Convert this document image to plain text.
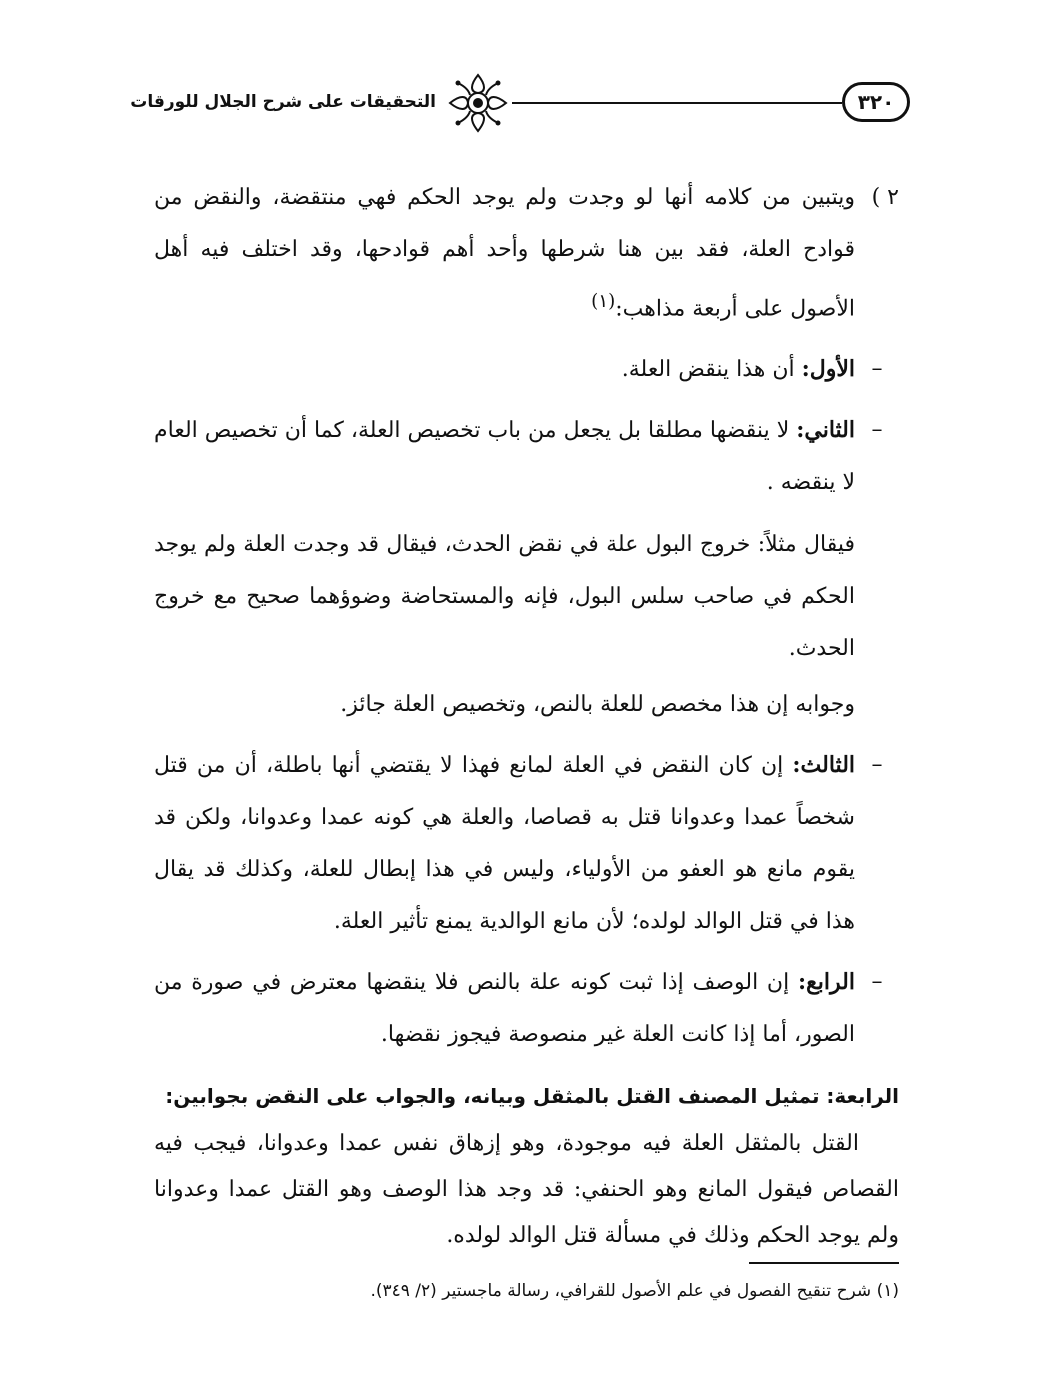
٣٢٠
التحقيقات على شرح الجلال للورقات
٢ )
ويتبين من كلامه أنها لو وجدت ولم يوجد الحكم فهي منتقضة، والنقض من قوادح العلة، فقد بين هنا شرطها وأحد أهم قوادحها، وقد اختلف فيه أهل الأصول على أربعة مذاهب:$^{(١)}$
–
الأول: أن هذا ينقض العلة.
–
الثاني: لا ينقضها مطلقا بل يجعل من باب تخصيص العلة، كما أن تخصيص العام لا ينقضه .
فيقال مثلاً: خروج البول علة في نقض الحدث، فيقال قد وجدت العلة ولم يوجد الحكم في صاحب سلس البول، فإنه والمستحاضة وضوؤهما صحيح مع خروج الحدث.
وجوابه إن هذا مخصص للعلة بالنص، وتخصيص العلة جائز.
–
الثالث: إن كان النقض في العلة لمانع فهذا لا يقتضي أنها باطلة، أن من قتل شخصاً عمدا وعدوانا قتل به قصاصا، والعلة هي كونه عمدا وعدوانا، ولكن قد يقوم مانع هو العفو من الأولياء، وليس في هذا إبطال للعلة، وكذلك قد يقال هذا في قتل الوالد لولده؛ لأن مانع الوالدية يمنع تأثير العلة.
–
الرابع: إن الوصف إذا ثبت كونه علة بالنص فلا ينقضها معترض في صورة من الصور، أما إذا كانت العلة غير منصوصة فيجوز نقضها.
الرابعة: تمثيل المصنف القتل بالمثقل وبيانه، والجواب على النقض بجوابين:
القتل بالمثقل العلة فيه موجودة، وهو إزهاق نفس عمدا وعدوانا، فيجب فيه القصاص فيقول المانع وهو الحنفي: قد وجد هذا الوصف وهو القتل عمدا وعدوانا ولم يوجد الحكم وذلك في مسألة قتل الوالد لولده.
(١) شرح تنقيح الفصول في علم الأصول للقرافي، رسالة ماجستير (٢/ ٣٤٩).
